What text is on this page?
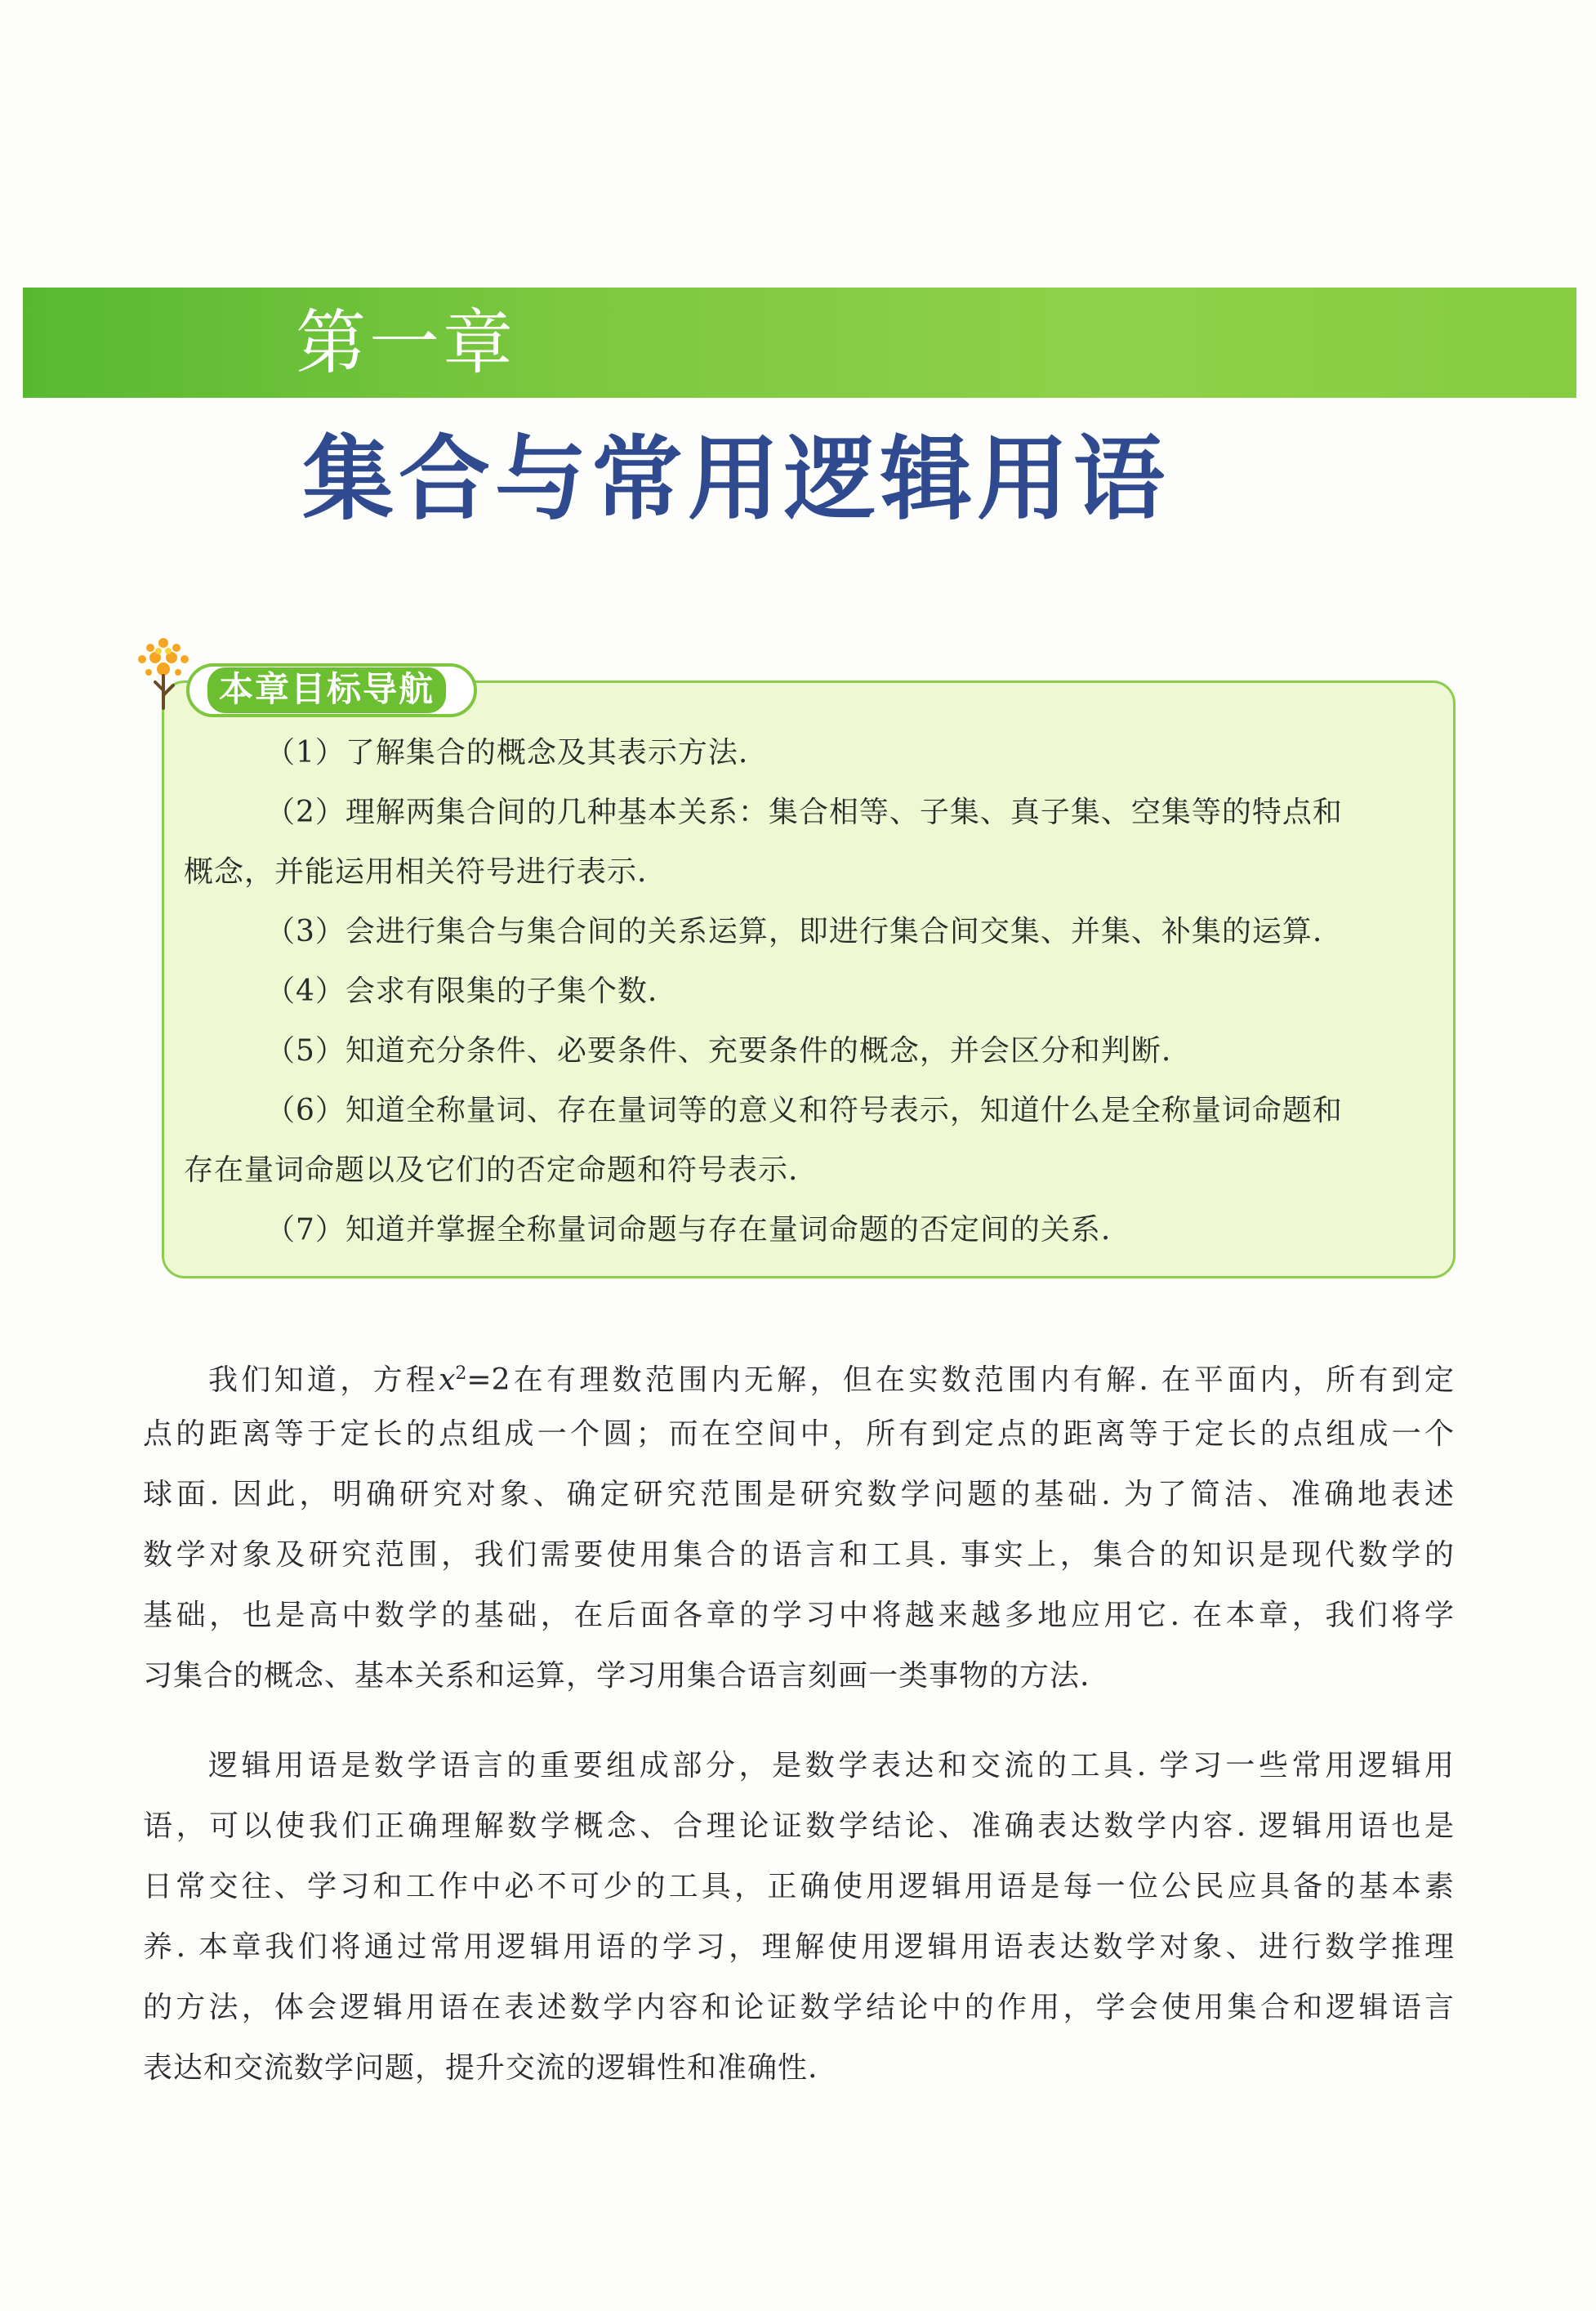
第一章
集合与常用逻辑用语
本章目标导航
（1）了解集合的概念及其表示方法.
（2）理解两集合间的几种基本关系：集合相等、子集、真子集、空集等的特点和
概念，并能运用相关符号进行表示.
（3）会进行集合与集合间的关系运算，即进行集合间交集、并集、补集的运算.
（4）会求有限集的子集个数.
（5）知道充分条件、必要条件、充要条件的概念，并会区分和判断.
（6）知道全称量词、存在量词等的意义和符号表示，知道什么是全称量词命题和
存在量词命题以及它们的否定命题和符号表示.
（7）知道并掌握全称量词命题与存在量词命题的否定间的关系.
我们知道，方程$x^2=2$在有理数范围内无解，但在实数范围内有解. 在平面内，所有到定
点的距离等于定长的点组成一个圆；而在空间中，所有到定点的距离等于定长的点组成一个
球面. 因此，明确研究对象、确定研究范围是研究数学问题的基础. 为了简洁、准确地表述
数学对象及研究范围，我们需要使用集合的语言和工具. 事实上，集合的知识是现代数学的
基础，也是高中数学的基础，在后面各章的学习中将越来越多地应用它. 在本章，我们将学
习集合的概念、基本关系和运算，学习用集合语言刻画一类事物的方法.
逻辑用语是数学语言的重要组成部分，是数学表达和交流的工具. 学习一些常用逻辑用
语，可以使我们正确理解数学概念、合理论证数学结论、准确表达数学内容. 逻辑用语也是
日常交往、学习和工作中必不可少的工具，正确使用逻辑用语是每一位公民应具备的基本素
养. 本章我们将通过常用逻辑用语的学习，理解使用逻辑用语表达数学对象、进行数学推理
的方法，体会逻辑用语在表述数学内容和论证数学结论中的作用，学会使用集合和逻辑语言
表达和交流数学问题，提升交流的逻辑性和准确性.
